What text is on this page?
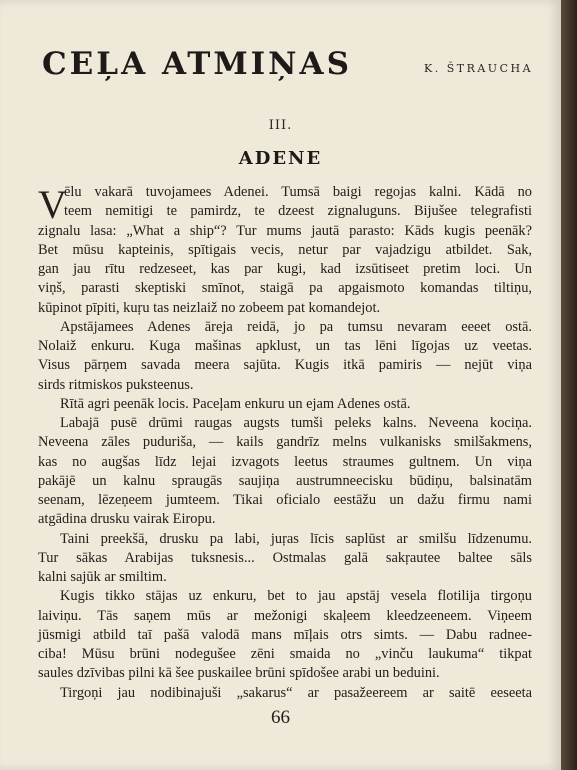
CEĻA ATMIŅAS	K. ŠTRAUCHA
III.
ADENE
V
ēlu vakarā tuvojamees Adenei. Tumsā baigi regojas kalni. Kādā no
teem nemitigi te pamirdz, te dzeest zignaluguns. Bijušee telegrafisti
zignalu lasa: „What a ship“? Tur mums jautā parasto: Kāds kugis peenāk?
Bet mūsu kapteinis, spītigais vecis, netur par vajadzigu atbildet. Sak,
gan jau rītu redzeseet, kas par kugi, kad izsūtiseet pretim loci. Un
viņš, parasti skeptiski smīnot, staigā pa apgaismoto komandas tiltiņu,
kūpinot pīpiti, kuŗu tas neizlaiž no zobeem pat komandejot.
Apstājamees Adenes āreja reidā, jo pa tumsu nevaram eeeet ostā.
Nolaiž enkuru. Kuga mašinas apklust, un tas lēni līgojas uz veetas.
Visus pārņem savada meera sajūta. Kugis itkā pamiris — nejūt viņa
sirds ritmiskos puksteenus.
Rītā agri peenāk locis. Paceļam enkuru un ejam Adenes ostā.
Labajā pusē drūmi raugas augsts tumši peleks kalns. Neveena kociņa.
Neveena zāles puduriša, — kails gandrīz melns vulkanisks smilšakmens,
kas no augšas līdz lejai izvagots leetus straumes gultnem. Un viņa
pakājē un kalnu spraugās saujiņa austrumneecisku būdiņu, balsinatām
seenam, lēzeņeem jumteem. Tikai oficialo eestāžu un dažu firmu nami
atgādina drusku vairak Eiropu.
Taini preekšā, drusku pa labi, juŗas līcis saplūst ar smilšu līdzenumu.
Tur sākas Arabijas tuksnesis... Ostmalas galā sakŗautee baltee sāls
kalni sajūk ar smiltim.
Kugis tikko stājas uz enkuru, bet to jau apstāj vesela flotilija tirgoņu
laiviņu. Tās saņem mūs ar mežonigi skaļeem kleedzeeneem. Viņeem
jūsmigi atbild taī pašā valodā mans mīļais otrs simts. — Dabu radnee-
ciba! Mūsu brūni nodegušee zēni smaida no „vinču laukuma“ tikpat
saules dzīvibas pilni kā šee puskailee brūni spīdošee arabi un beduini.
Tirgoņi jau nodibinajuši „sakarus“ ar pasažeereem ar saitē eeseeta
66
